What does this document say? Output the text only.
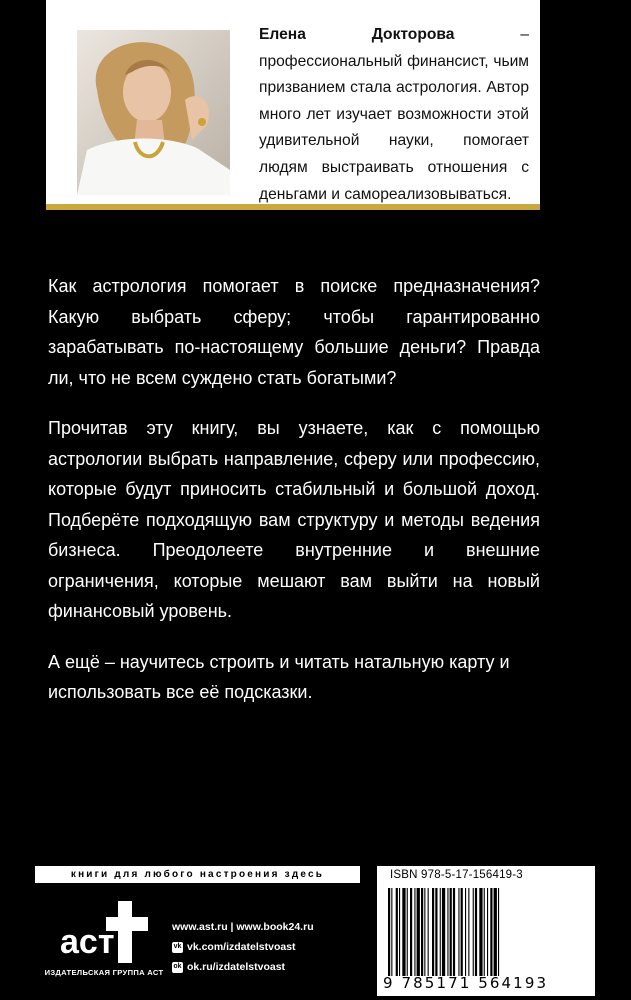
Елена Докторова – профессиональный финансист, чьим призванием стала астрология. Автор много лет изучает возможности этой удивительной науки, помогает людям выстраивать отношения с деньгами и самореализовываться.

Как астрология помогает в поиске предназначения? Какую выбрать сферу; чтобы гарантированно зарабатывать по-настоящему большие деньги? Правда ли, что не всем суждено стать богатыми?

Прочитав эту книгу, вы узнаете, как с помощью астрологии выбрать направление, сферу или профессию, которые будут приносить стабильный и большой доход. Подберёте подходящую вам структуру и методы ведения бизнеса. Преодолеете внутренние и внешние ограничения, которые мешают вам выйти на новый финансовый уровень.

А ещё – научитесь строить и читать натальную карту и использовать все её подсказки.

книги для любого настроения здесь
аст
ИЗДАТЕЛЬСКАЯ ГРУППА АСТ
www.ast.ru | www.book24.ru
vk vk.com/izdatelstvoast
ok ok.ru/izdatelstvoast
ISBN 978-5-17-156419-3
9 785171 564193
